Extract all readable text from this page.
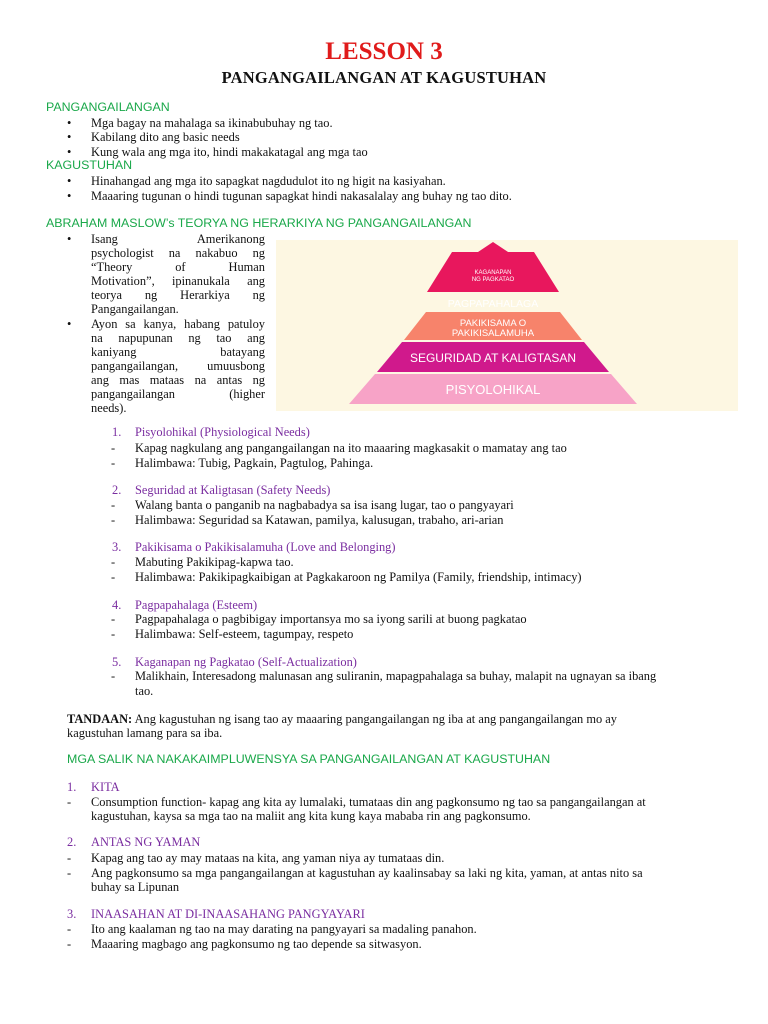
LESSON 3
PANGANGAILANGAN AT KAGUSTUHAN
PANGANGAILANGAN
• Mga bagay na mahalaga sa ikinabubuhay ng tao.
• Kabilang dito ang basic needs
• Kung wala ang mga ito, hindi makakatagal ang mga tao
KAGUSTUHAN
• Hinahangad ang mga ito sapagkat nagdudulot ito ng higit na kasiyahan.
• Maaaring tugunan o hindi tugunan sapagkat hindi nakasalalay ang buhay ng tao dito.
ABRAHAM MASLOW’s TEORYA NG HERARKIYA NG PANGANGAILANGAN
• Isang Amerikanong
psychologist na nakabuo ng
“Theory of Human
Motivation”, ipinanukala ang
teorya ng Herarkiya ng
Pangangailangan.
• Ayon sa kanya, habang patuloy
na napupunan ng tao ang
kaniyang batayang
pangangailangan, umuusbong
ang mas mataas na antas ng
pangangailangan (higher
needs).
KAGANAPAN
NG PAGKATAO
PAGPAPAHALAGA
PAKIKISAMA O
PAKIKISALAMUHA
SEGURIDAD AT KALIGTASAN
PISYOLOHIKAL
1. Pisyolohikal (Physiological Needs)
- Kapag nagkulang ang pangangailangan na ito maaaring magkasakit o mamatay ang tao
- Halimbawa: Tubig, Pagkain, Pagtulog, Pahinga.
2. Seguridad at Kaligtasan (Safety Needs)
- Walang banta o panganib na nagbabadya sa isa isang lugar, tao o pangyayari
- Halimbawa: Seguridad sa Katawan, pamilya, kalusugan, trabaho, ari-arian
3. Pakikisama o Pakikisalamuha (Love and Belonging)
- Mabuting Pakikipag-kapwa tao.
- Halimbawa: Pakikipagkaibigan at Pagkakaroon ng Pamilya (Family, friendship, intimacy)
4. Pagpapahalaga (Esteem)
- Pagpapahalaga o pagbibigay importansya mo sa iyong sarili at buong pagkatao
- Halimbawa: Self-esteem, tagumpay, respeto
5. Kaganapan ng Pagkatao (Self-Actualization)
- Malikhain, Interesadong malunasan ang suliranin, mapagpahalaga sa buhay, malapit na ugnayan sa ibang
tao.
TANDAAN: Ang kagustuhan ng isang tao ay maaaring pangangailangan ng iba at ang pangangailangan mo ay
kagustuhan lamang para sa iba.
MGA SALIK NA NAKAKAIMPLUWENSYA SA PANGANGAILANGAN AT KAGUSTUHAN
1. KITA
- Consumption function- kapag ang kita ay lumalaki, tumataas din ang pagkonsumo ng tao sa pangangailangan at
kagustuhan, kaysa sa mga tao na maliit ang kita kung kaya mababa rin ang pagkonsumo.
2. ANTAS NG YAMAN
- Kapag ang tao ay may mataas na kita, ang yaman niya ay tumataas din.
- Ang pagkonsumo sa mga pangangailangan at kagustuhan ay kaalinsabay sa laki ng kita, yaman, at antas nito sa
buhay sa Lipunan
3. INAASAHAN AT DI-INAASAHANG PANGYAYARI
- Ito ang kaalaman ng tao na may darating na pangyayari sa madaling panahon.
- Maaaring magbago ang pagkonsumo ng tao depende sa sitwasyon.
